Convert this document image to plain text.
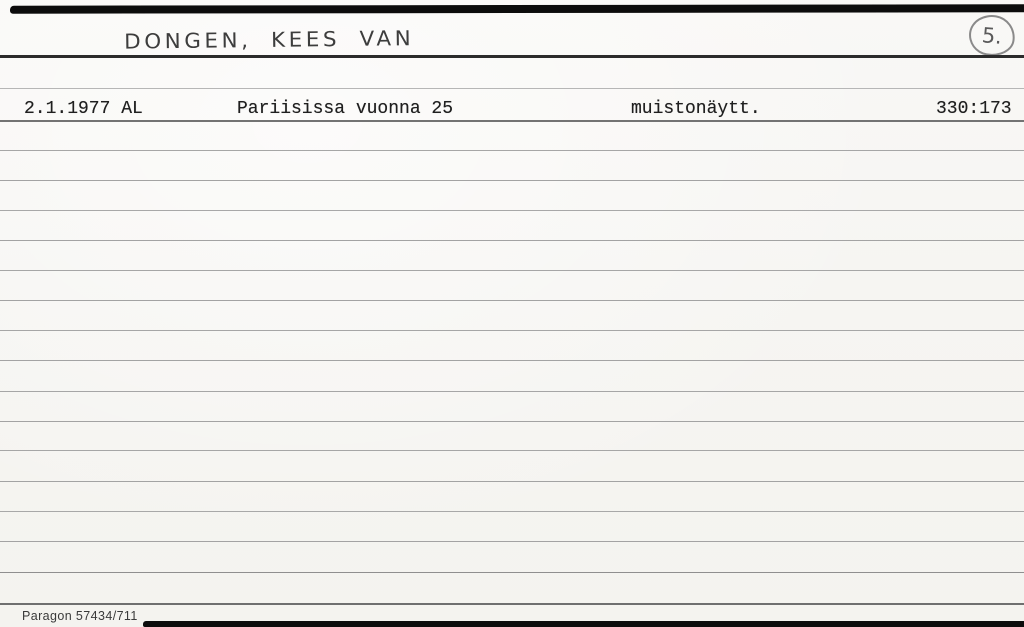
DONGEN, KEES VAN	5.
2.1.1977 AL	Pariisissa vuonna 25	muistonäytt.	330:173
Paragon 57434/711
